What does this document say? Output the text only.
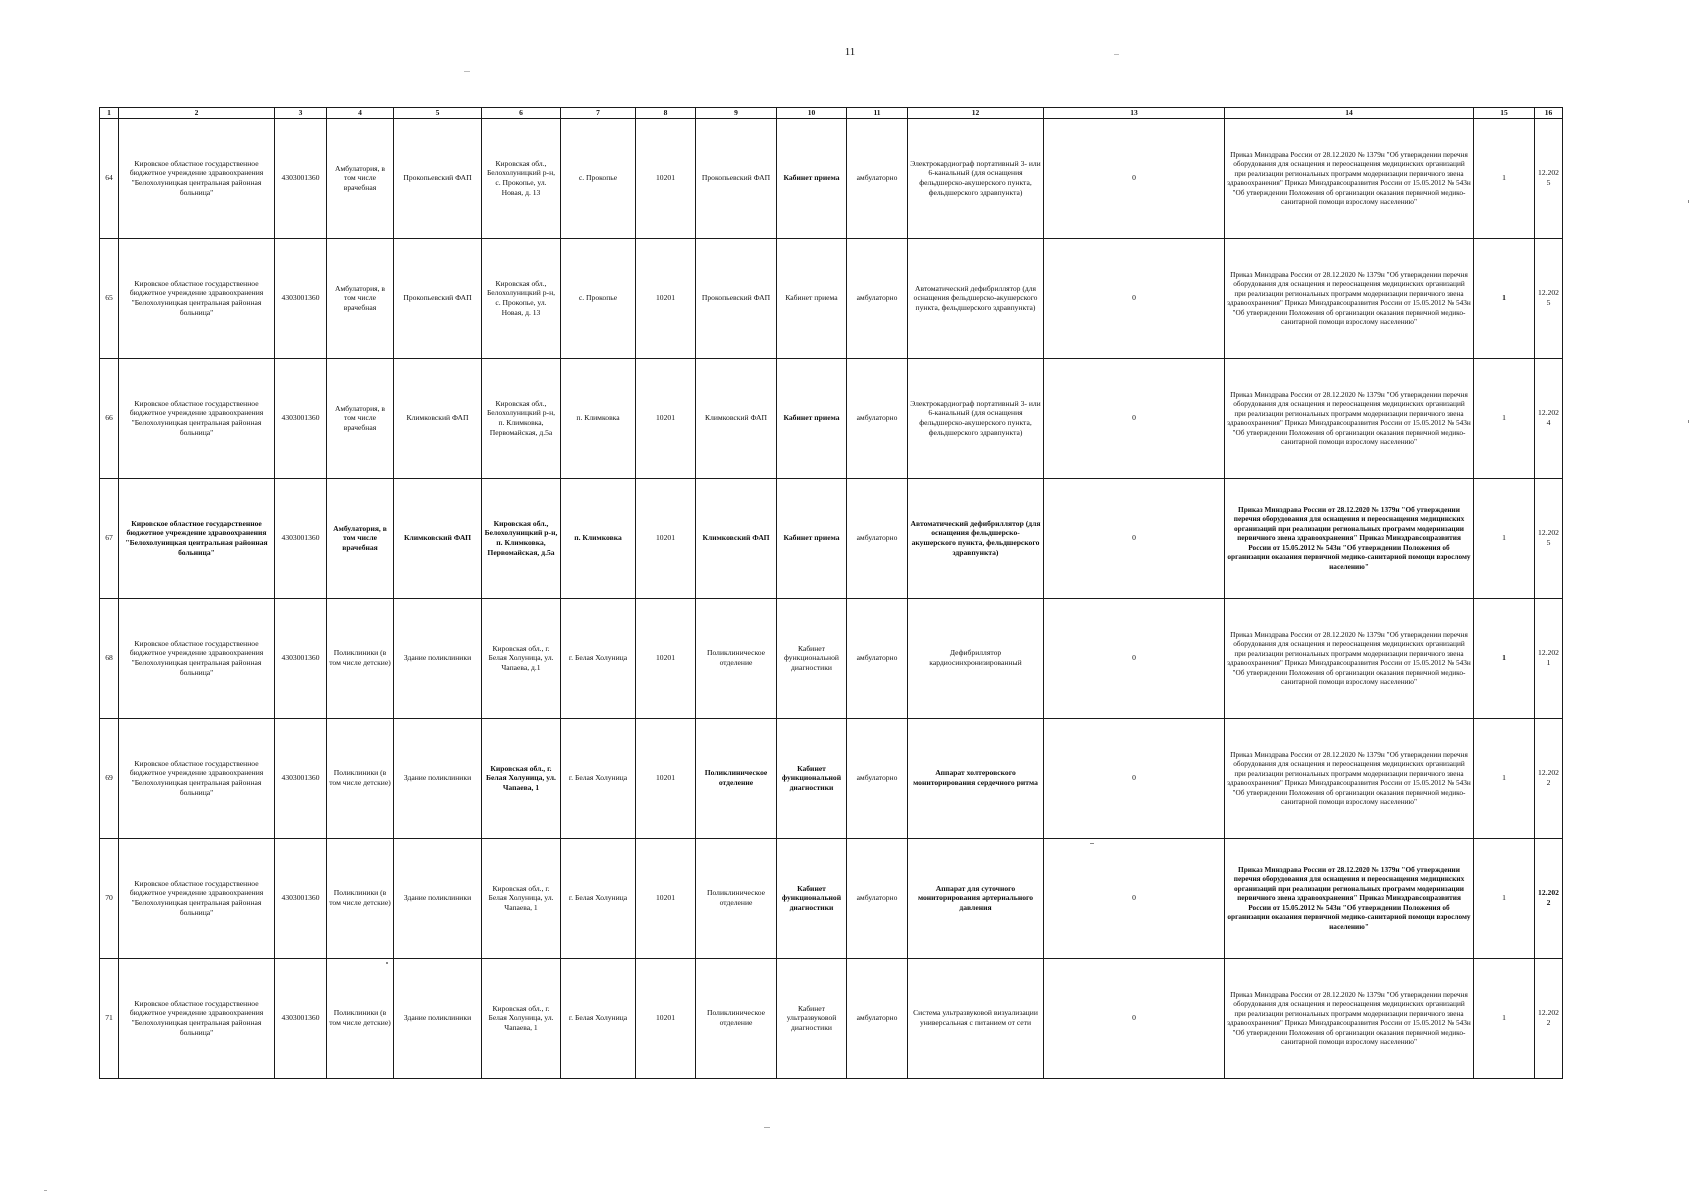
11
1	2	3	4	5	6	7	8	9	10	11	12	13	14	15	16
64	Кировское областное государственное бюджетное учреждение здравоохранения "Белохолуницкая центральная районная больница"	4303001360	Амбулатория, в том числе врачебная	Прокопьевский ФАП	Кировская обл., Белохолуницкий р-н, с. Прокопье, ул. Новая, д. 13	с. Прокопье	10201	Прокопьевский ФАП	Кабинет приема	амбулаторно	Электрокардиограф портативный 3- или 6-канальный (для оснащения фельдшерско-акушерского пункта, фельдшерского здравпункта)	0	Приказ Минздрава России от 28.12.2020 № 1379н "Об утверждении перечня оборудования для оснащения и переоснащения медицинских организаций при реализации региональных программ модернизации первичного звена здравоохранения" Приказ Минздравсоцразвития России от 15.05.2012 № 543н "Об утверждении Положения об организации оказания первичной медико-санитарной помощи взрослому населению"	1	12.2025
65	Кировское областное государственное бюджетное учреждение здравоохранения "Белохолуницкая центральная районная больница"	4303001360	Амбулатория, в том числе врачебная	Прокопьевский ФАП	Кировская обл., Белохолуницкий р-н, с. Прокопье, ул. Новая, д. 13	с. Прокопье	10201	Прокопьевский ФАП	Кабинет приема	амбулаторно	Автоматический дефибриллятор (для оснащения фельдшерско-акушерского пункта, фельдшерского здравпункта)	0	Приказ Минздрава России от 28.12.2020 № 1379н "Об утверждении перечня оборудования для оснащения и переоснащения медицинских организаций при реализации региональных программ модернизации первичного звена здравоохранения" Приказ Минздравсоцразвития России от 15.05.2012 № 543н "Об утверждении Положения об организации оказания первичной медико-санитарной помощи взрослому населению"	1	12.2025
66	Кировское областное государственное бюджетное учреждение здравоохранения "Белохолуницкая центральная районная больница"	4303001360	Амбулатория, в том числе врачебная	Климковский ФАП	Кировская обл., Белохолуницкий р-н, п. Климковка, Первомайская, д.5а	п. Климковка	10201	Климковский ФАП	Кабинет приема	амбулаторно	Электрокардиограф портативный 3- или 6-канальный (для оснащения фельдшерско-акушерского пункта, фельдшерского здравпункта)	0	Приказ Минздрава России от 28.12.2020 № 1379н "Об утверждении перечня оборудования для оснащения и переоснащения медицинских организаций при реализации региональных программ модернизации первичного звена здравоохранения" Приказ Минздравсоцразвития России от 15.05.2012 № 543н "Об утверждении Положения об организации оказания первичной медико-санитарной помощи взрослому населению"	1	12.2024
67	Кировское областное государственное бюджетное учреждение здравоохранения "Белохолуницкая центральная районная больница"	4303001360	Амбулатория, в том числе врачебная	Климковский ФАП	Кировская обл., Белохолуницкий р-н, п. Климковка, Первомайская, д.5а	п. Климковка	10201	Климковский ФАП	Кабинет приема	амбулаторно	Автоматический дефибриллятор (для оснащения фельдшерско-акушерского пункта, фельдшерского здравпункта)	0	Приказ Минздрава России от 28.12.2020 № 1379н "Об утверждении перечня оборудования для оснащения и переоснащения медицинских организаций при реализации региональных программ модернизации первичного звена здравоохранения" Приказ Минздравсоцразвития России от 15.05.2012 № 543н "Об утверждении Положения об организации оказания первичной медико-санитарной помощи взрослому населению"	1	12.2025
68	Кировское областное государственное бюджетное учреждение здравоохранения "Белохолуницкая центральная районная больница"	4303001360	Поликлиники (в том числе детские)	Здание поликлиники	Кировская обл., г. Белая Холуница, ул. Чапаева, д.1	г. Белая Холуница	10201	Поликлиническое отделение	Кабинет функциональной диагностики	амбулаторно	Дефибриллятор кардиосинхронизированный	0	Приказ Минздрава России от 28.12.2020 № 1379н "Об утверждении перечня оборудования для оснащения и переоснащения медицинских организаций при реализации региональных программ модернизации первичного звена здравоохранения" Приказ Минздравсоцразвития России от 15.05.2012 № 543н "Об утверждении Положения об организации оказания первичной медико-санитарной помощи взрослому населению"	1	12.2021
69	Кировское областное государственное бюджетное учреждение здравоохранения "Белохолуницкая центральная районная больница"	4303001360	Поликлиники (в том числе детские)	Здание поликлиники	Кировская обл., г. Белая Холуница, ул. Чапаева, 1	г. Белая Холуница	10201	Поликлиническое отделение	Кабинет функциональной диагностики	амбулаторно	Аппарат холтеровского мониторирования сердечного ритма	0	Приказ Минздрава России от 28.12.2020 № 1379н "Об утверждении перечня оборудования для оснащения и переоснащения медицинских организаций при реализации региональных программ модернизации первичного звена здравоохранения" Приказ Минздравсоцразвития России от 15.05.2012 № 543н "Об утверждении Положения об организации оказания первичной медико-санитарной помощи взрослому населению"	1	12.2022
70	Кировское областное государственное бюджетное учреждение здравоохранения "Белохолуницкая центральная районная больница"	4303001360	Поликлиники (в том числе детские)	Здание поликлиники	Кировская обл., г. Белая Холуница, ул. Чапаева, 1	г. Белая Холуница	10201	Поликлиническое отделение	Кабинет функциональной диагностики	амбулаторно	Аппарат для суточного мониторирования артериального давления	0	Приказ Минздрава России от 28.12.2020 № 1379н "Об утверждении перечня оборудования для оснащения и переоснащения медицинских организаций при реализации региональных программ модернизации первичного звена здравоохранения" Приказ Минздравсоцразвития России от 15.05.2012 № 543н "Об утверждении Положения об организации оказания первичной медико-санитарной помощи взрослому населению"	1	12.2022
71	Кировское областное государственное бюджетное учреждение здравоохранения "Белохолуницкая центральная районная больница"	4303001360	Поликлиники (в том числе детские)	Здание поликлиники	Кировская обл., г. Белая Холуница, ул. Чапаева, 1	г. Белая Холуница	10201	Поликлиническое отделение	Кабинет ультразвуковой диагностики	амбулаторно	Система ультразвуковой визуализации универсальная с питанием от сети	0	Приказ Минздрава России от 28.12.2020 № 1379н "Об утверждении перечня оборудования для оснащения и переоснащения медицинских организаций при реализации региональных программ модернизации первичного звена здравоохранения" Приказ Минздравсоцразвития России от 15.05.2012 № 543н "Об утверждении Положения об организации оказания первичной медико-санитарной помощи взрослому населению"	1	12.2022
